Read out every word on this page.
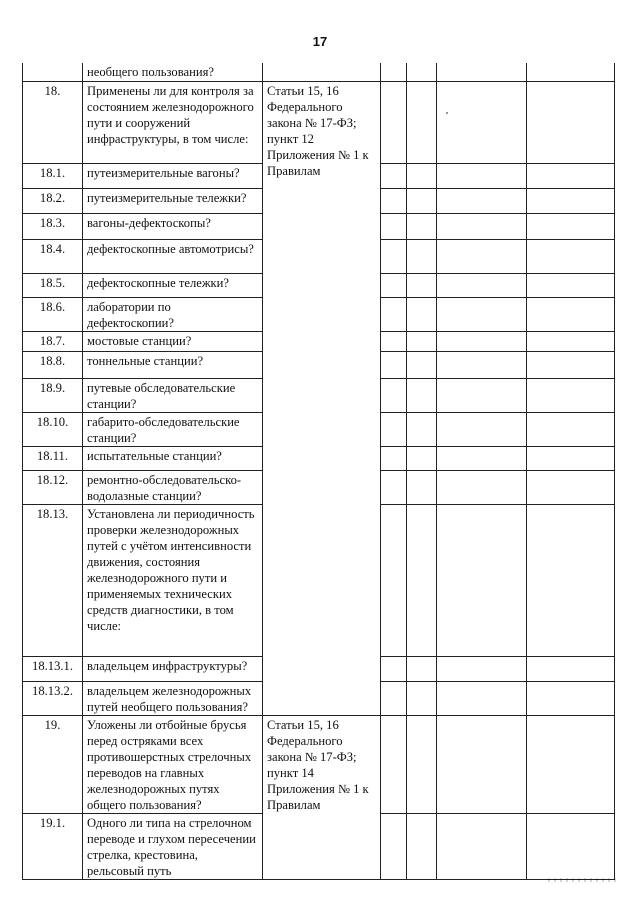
17
	необщего пользования?					
18.	Применены ли для контроля за состоянием железнодорожного пути и сооружений инфраструктуры, в том числе:	Статьи 15, 16 Федерального закона № 17-ФЗ; пункт 12 Приложения № 1 к Правилам				
18.1.	путеизмерительные вагоны?					
18.2.	путеизмерительные тележки?					
18.3.	вагоны-дефектоскопы?					
18.4.	дефектоскопные автомотрисы?					
18.5.	дефектоскопные тележки?					
18.6.	лаборатории по дефектоскопии?					
18.7.	мостовые станции?					
18.8.	тоннельные станции?					
18.9.	путевые обследовательские станции?					
18.10.	габарито-обследовательские станции?					
18.11.	испытательные станции?					
18.12.	ремонтно-обследовательско-водолазные станции?					
18.13.	Установлена ли периодичность проверки железнодорожных путей с учётом интенсивности движения, состояния железнодорожного пути и применяемых технических средств диагностики, в том числе:					
18.13.1.	владельцем инфраструктуры?					
18.13.2.	владельцем железнодорожных путей необщего пользования?					
19.	Уложены ли отбойные брусья перед остряками всех противошерстных стрелочных переводов на главных железнодорожных путях общего пользования?	Статьи 15, 16 Федерального закона № 17-ФЗ; пункт 14 Приложения № 1 к Правилам				
19.1.	Одного ли типа на стрелочном переводе и глухом пересечении стрелка, крестовина, рельсовый путь					
